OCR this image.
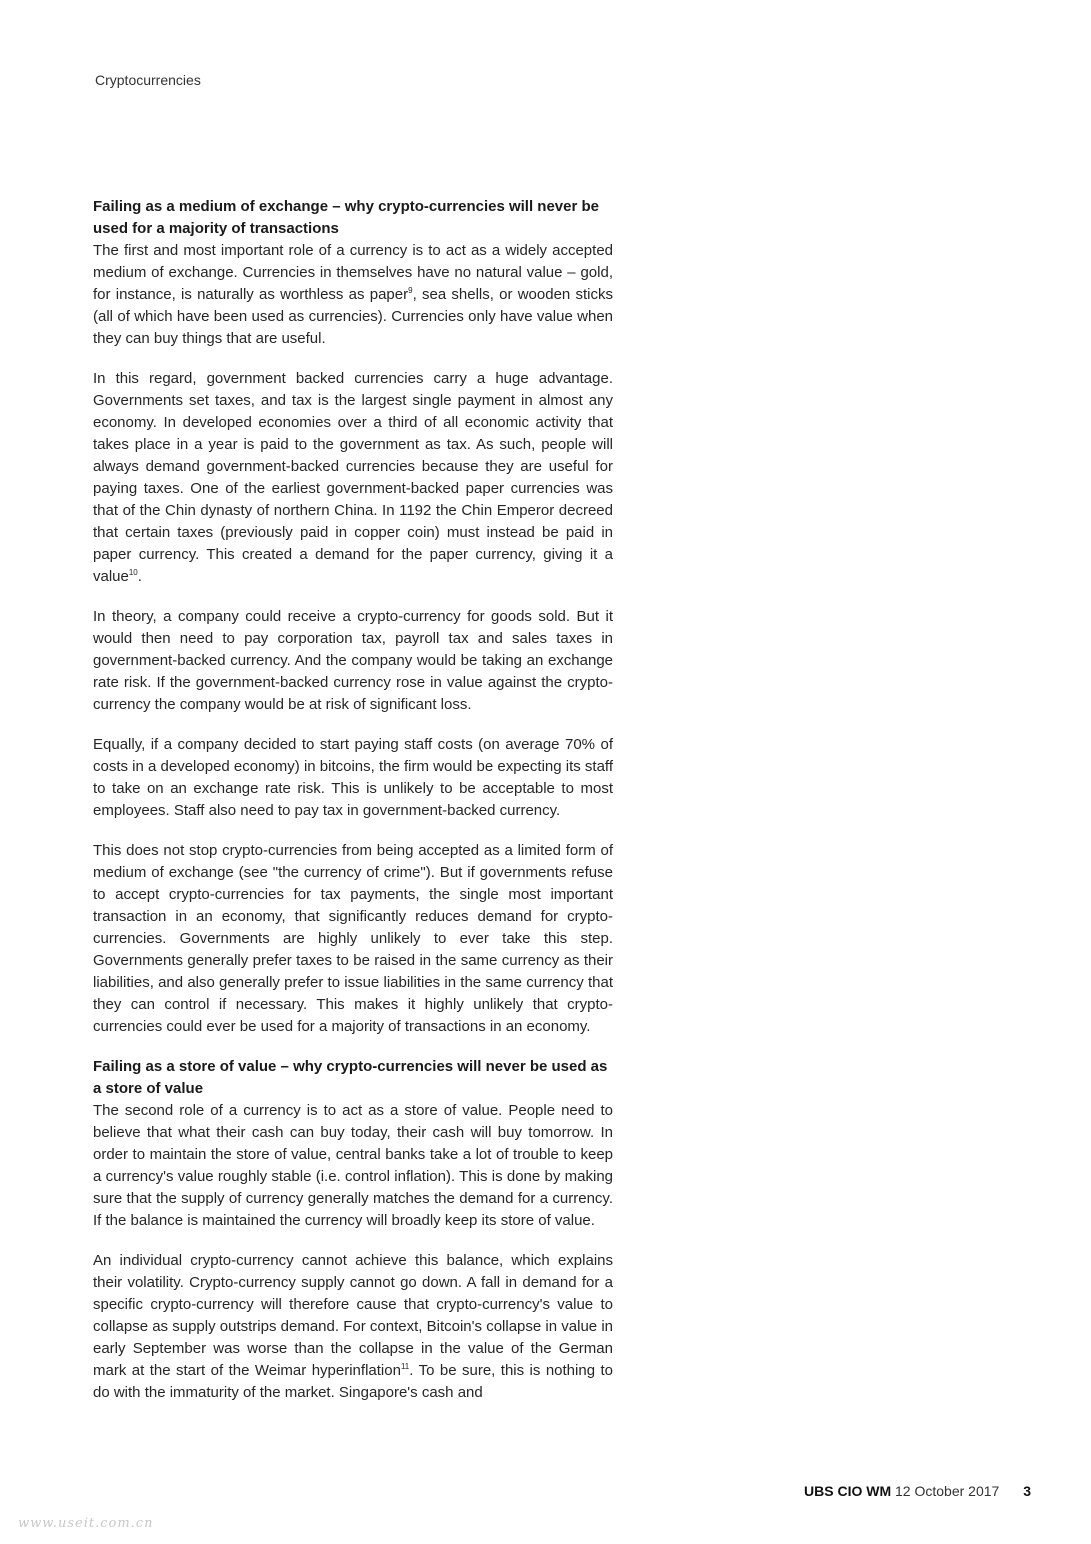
Cryptocurrencies

Failing as a medium of exchange – why crypto-currencies will never be used for a majority of transactions

The first and most important role of a currency is to act as a widely accepted medium of exchange. Currencies in themselves have no natural value – gold, for instance, is naturally as worthless as paper$^9$, sea shells, or wooden sticks (all of which have been used as currencies). Currencies only have value when they can buy things that are useful.

In this regard, government backed currencies carry a huge advantage. Governments set taxes, and tax is the largest single payment in almost any economy. In developed economies over a third of all economic activity that takes place in a year is paid to the government as tax. As such, people will always demand government-backed currencies because they are useful for paying taxes. One of the earliest government-backed paper currencies was that of the Chin dynasty of northern China. In 1192 the Chin Emperor decreed that certain taxes (previously paid in copper coin) must instead be paid in paper currency. This created a demand for the paper currency, giving it a value$^{10}$.

In theory, a company could receive a crypto-currency for goods sold. But it would then need to pay corporation tax, payroll tax and sales taxes in government-backed currency. And the company would be taking an exchange rate risk. If the government-backed currency rose in value against the crypto-currency the company would be at risk of significant loss.

Equally, if a company decided to start paying staff costs (on average 70% of costs in a developed economy) in bitcoins, the firm would be expecting its staff to take on an exchange rate risk. This is unlikely to be acceptable to most employees. Staff also need to pay tax in government-backed currency.

This does not stop crypto-currencies from being accepted as a limited form of medium of exchange (see "the currency of crime"). But if governments refuse to accept crypto-currencies for tax payments, the single most important transaction in an economy, that significantly reduces demand for crypto-currencies. Governments are highly unlikely to ever take this step. Governments generally prefer taxes to be raised in the same currency as their liabilities, and also generally prefer to issue liabilities in the same currency that they can control if necessary. This makes it highly unlikely that crypto-currencies could ever be used for a majority of transactions in an economy.

Failing as a store of value – why crypto-currencies will never be used as a store of value

The second role of a currency is to act as a store of value. People need to believe that what their cash can buy today, their cash will buy tomorrow. In order to maintain the store of value, central banks take a lot of trouble to keep a currency's value roughly stable (i.e. control inflation). This is done by making sure that the supply of currency generally matches the demand for a currency. If the balance is maintained the currency will broadly keep its store of value.

An individual crypto-currency cannot achieve this balance, which explains their volatility. Crypto-currency supply cannot go down. A fall in demand for a specific crypto-currency will therefore cause that crypto-currency's value to collapse as supply outstrips demand. For context, Bitcoin's collapse in value in early September was worse than the collapse in the value of the German mark at the start of the Weimar hyperinflation$^{11}$. To be sure, this is nothing to do with the immaturity of the market. Singapore's cash and

UBS CIO WM 12 October 2017 3
www.useit.com.cn
